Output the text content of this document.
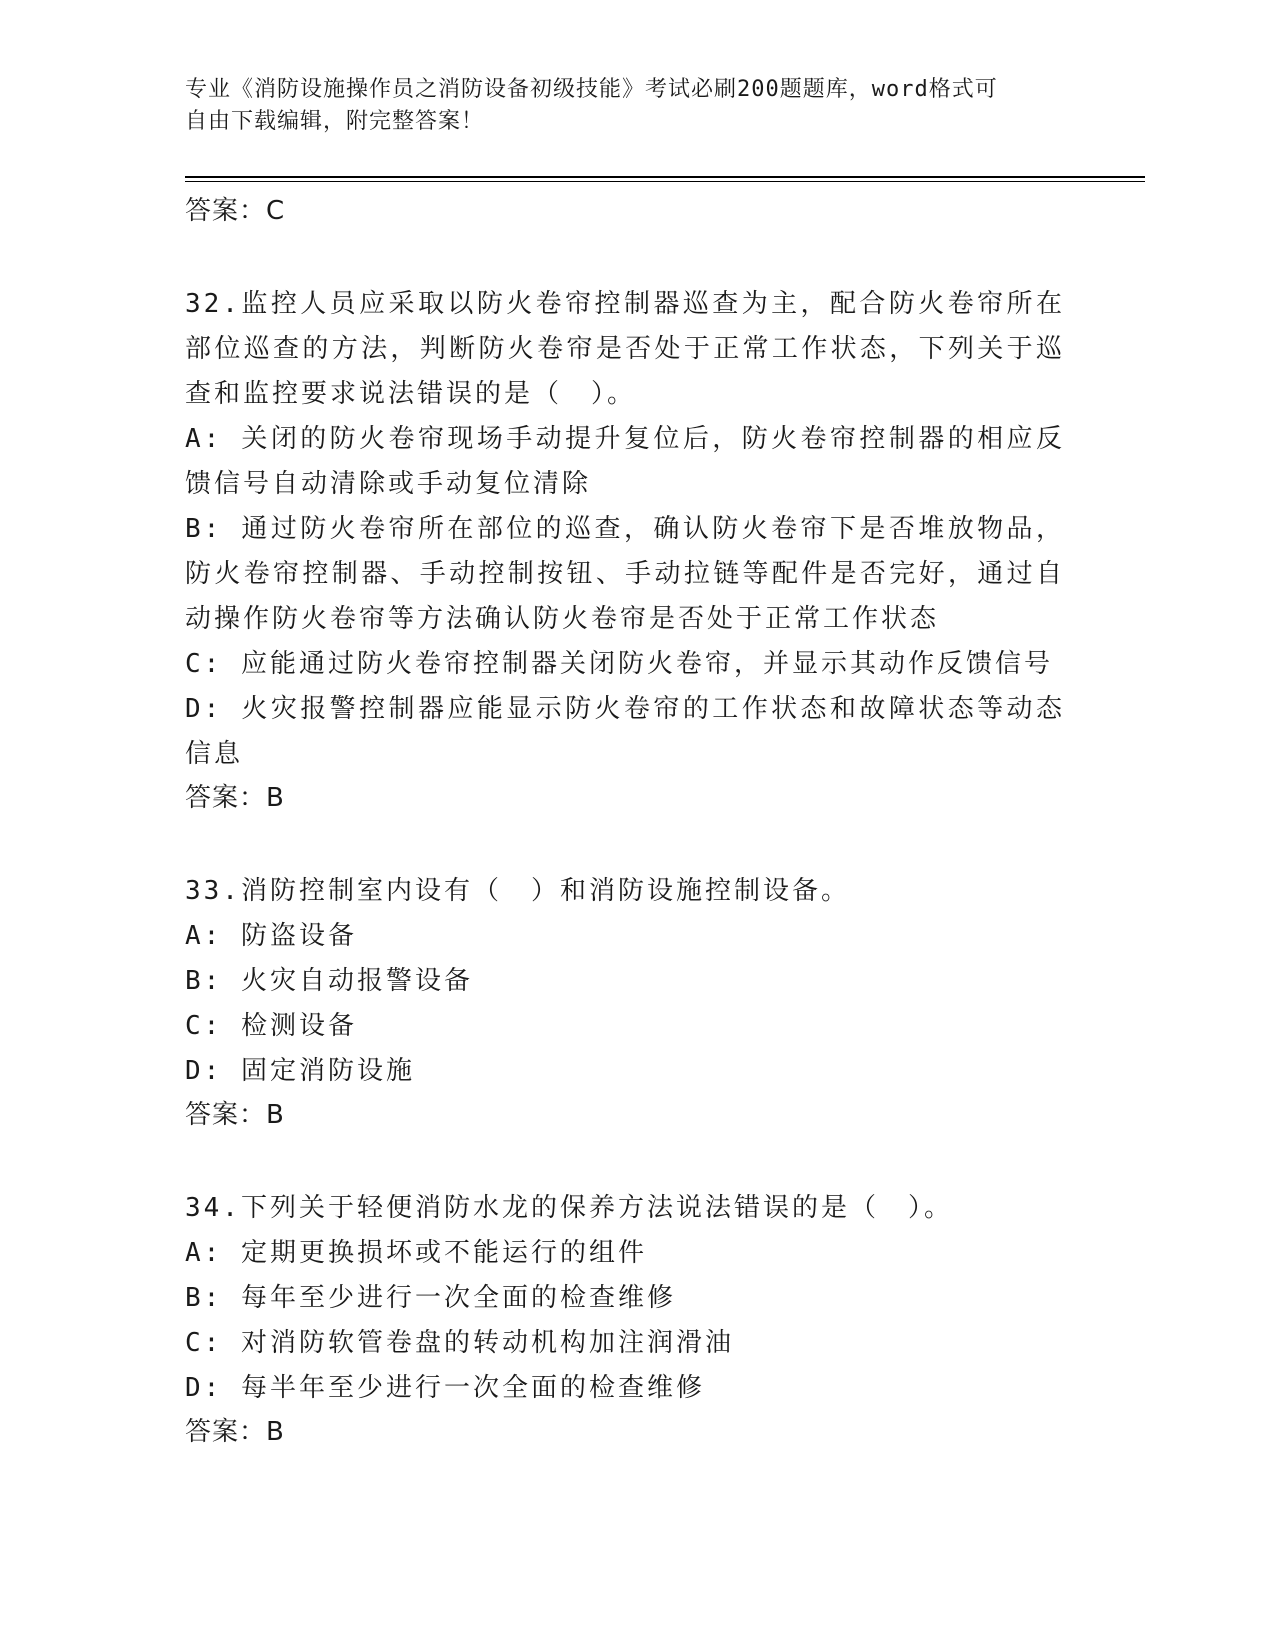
专业《消防设施操作员之消防设备初级技能》考试必刷200题题库，word格式可
自由下载编辑，附完整答案！
答案：C
32.监控人员应采取以防火卷帘控制器巡查为主，配合防火卷帘所在部位巡查的方法，判断防火卷帘是否处于正常工作状态，下列关于巡查和监控要求说法错误的是（　）。
A: 关闭的防火卷帘现场手动提升复位后，防火卷帘控制器的相应反馈信号自动清除或手动复位清除
B: 通过防火卷帘所在部位的巡查，确认防火卷帘下是否堆放物品，防火卷帘控制器、手动控制按钮、手动拉链等配件是否完好，通过自动操作防火卷帘等方法确认防火卷帘是否处于正常工作状态
C: 应能通过防火卷帘控制器关闭防火卷帘，并显示其动作反馈信号
D: 火灾报警控制器应能显示防火卷帘的工作状态和故障状态等动态信息
答案：B
33.消防控制室内设有（　）和消防设施控制设备。
A: 防盗设备
B: 火灾自动报警设备
C: 检测设备
D: 固定消防设施
答案：B
34.下列关于轻便消防水龙的保养方法说法错误的是（　）。
A: 定期更换损坏或不能运行的组件
B: 每年至少进行一次全面的检查维修
C: 对消防软管卷盘的转动机构加注润滑油
D: 每半年至少进行一次全面的检查维修
答案：B
